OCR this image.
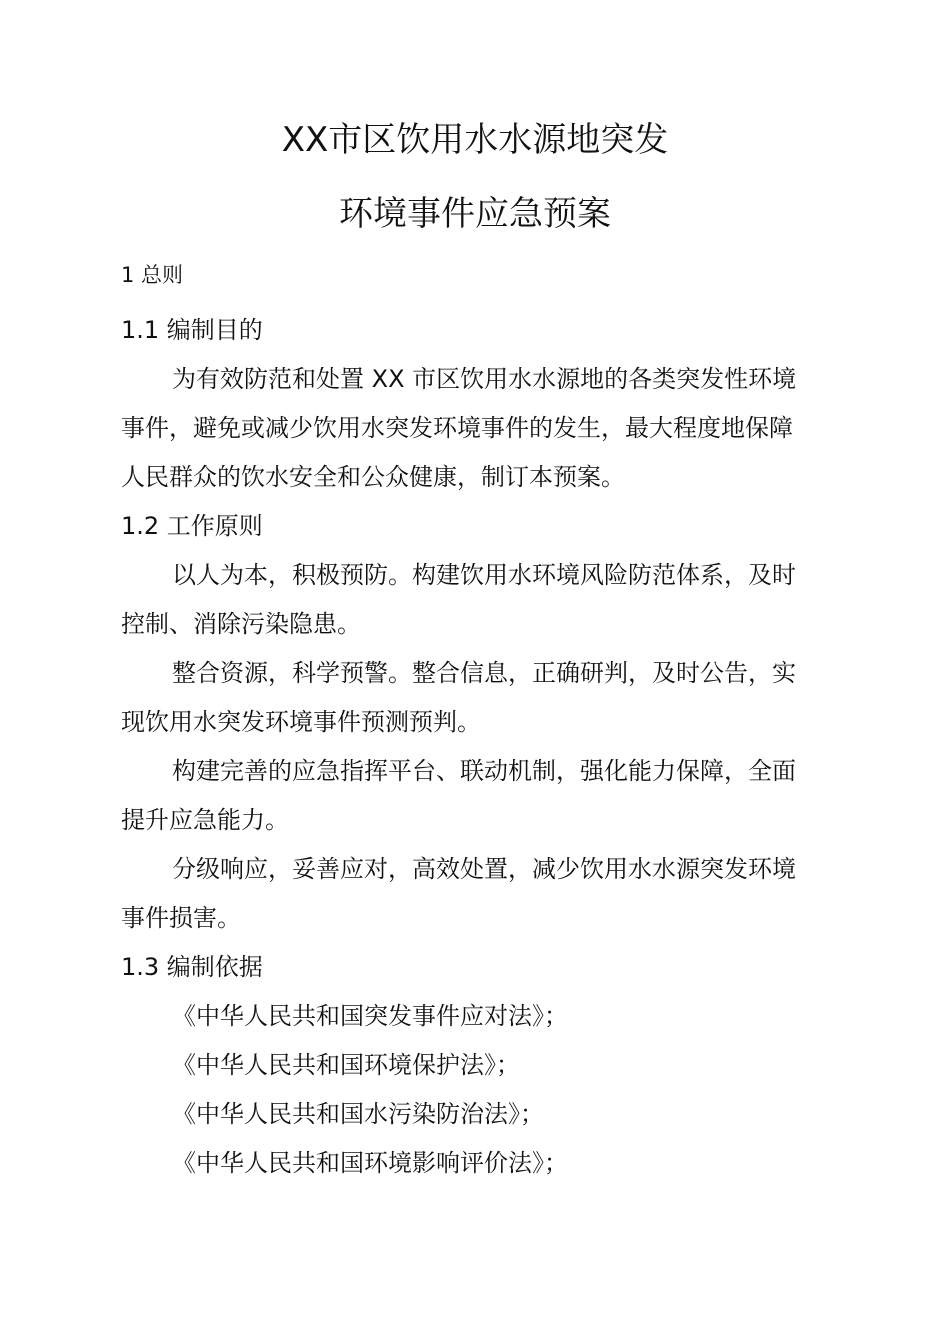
XX市区饮用水水源地突发
环境事件应急预案
1 总则
1.1 编制目的
为有效防范和处置 XX 市区饮用水水源地的各类突发性环境
事件，避免或减少饮用水突发环境事件的发生，最大程度地保障
人民群众的饮水安全和公众健康，制订本预案。
1.2 工作原则
以人为本，积极预防。构建饮用水环境风险防范体系，及时
控制、消除污染隐患。
整合资源，科学预警。整合信息，正确研判，及时公告，实
现饮用水突发环境事件预测预判。
构建完善的应急指挥平台、联动机制，强化能力保障，全面
提升应急能力。
分级响应，妥善应对，高效处置，减少饮用水水源突发环境
事件损害。
1.3 编制依据
《中华人民共和国突发事件应对法》；
《中华人民共和国环境保护法》；
《中华人民共和国水污染防治法》；
《中华人民共和国环境影响评价法》；
